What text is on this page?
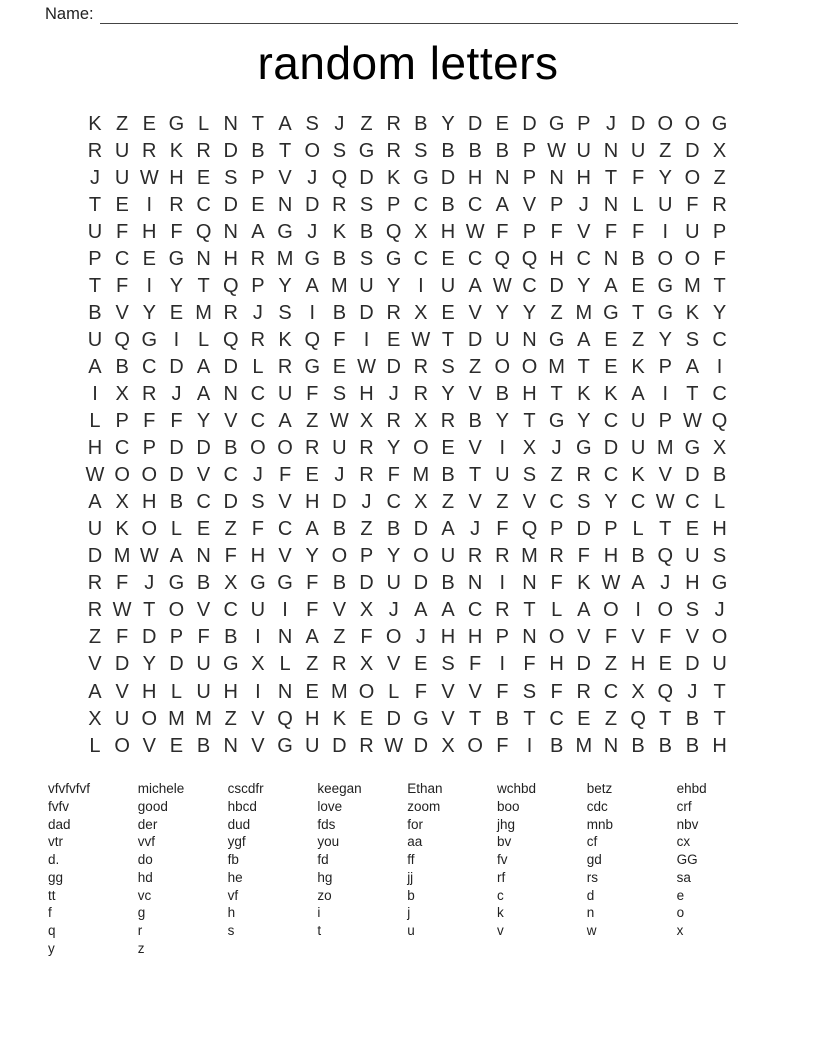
Name:
random letters
K Z E G L N T A S J Z R B Y D E D G P J D O O G
R U R K R D B T O S G R S B B B P W U N U Z D X
J U W H E S P V J Q D K G D H N P N H T F Y O Z
T E I R C D E N D R S P C B C A V P J N L U F R
U F H F Q N A G J K B Q X H W F P F V F F I U P
P C E G N H R M G B S G C E C Q Q H C N B O O F
T F I Y T Q P Y A M U Y I U A W C D Y A E G M T
B V Y E M R J S I B D R X E V Y Y Z M G T G K Y
U Q G I L Q R K Q F I E W T D U N G A E Z Y S C
A B C D A D L R G E W D R S Z O O M T E K P A I
I X R J A N C U F S H J R Y V B H T K K A I T C
L P F F Y V C A Z W X R X R B Y T G Y C U P W Q
H C P D D B O O R U R Y O E V I X J G D U M G X
W O O D V C J F E J R F M B T U S Z R C K V D B
A X H B C D S V H D J C X Z V Z V C S Y C W C L
U K O L E Z F C A B Z B D A J F Q P D P L T E H
D M W A N F H V Y O P Y O U R R M R F H B Q U S
R F J G B X G G F B D U D B N I N F K W A J H G
R W T O V C U I F V X J A A C R T L A O I O S J
Z F D P F B I N A Z F O J H H P N O V F V F V O
V D Y D U G X L Z R X V E S F I F H D Z H E D U
A V H L U H I N E M O L F V V F S F R C X Q J T
X U O M M Z V Q H K E D G V T B T C E Z Q T B T
L O V E B N V G U D R W D X O F I B M N B B B H
vfvfvfvf
fvfv
dad
vtr
d.
gg
tt
f
q
y
michele
good
der
vvf
do
hd
vc
g
r
z
cscdfr
hbcd
dud
ygf
fb
he
vf
h
s
keegan
love
fds
you
fd
hg
zo
i
t
Ethan
zoom
for
aa
ff
jj
b
j
u
wchbd
boo
jhg
bv
fv
rf
c
k
v
betz
cdc
mnb
cf
gd
rs
d
n
w
ehbd
crf
nbv
cx
GG
sa
e
o
x
